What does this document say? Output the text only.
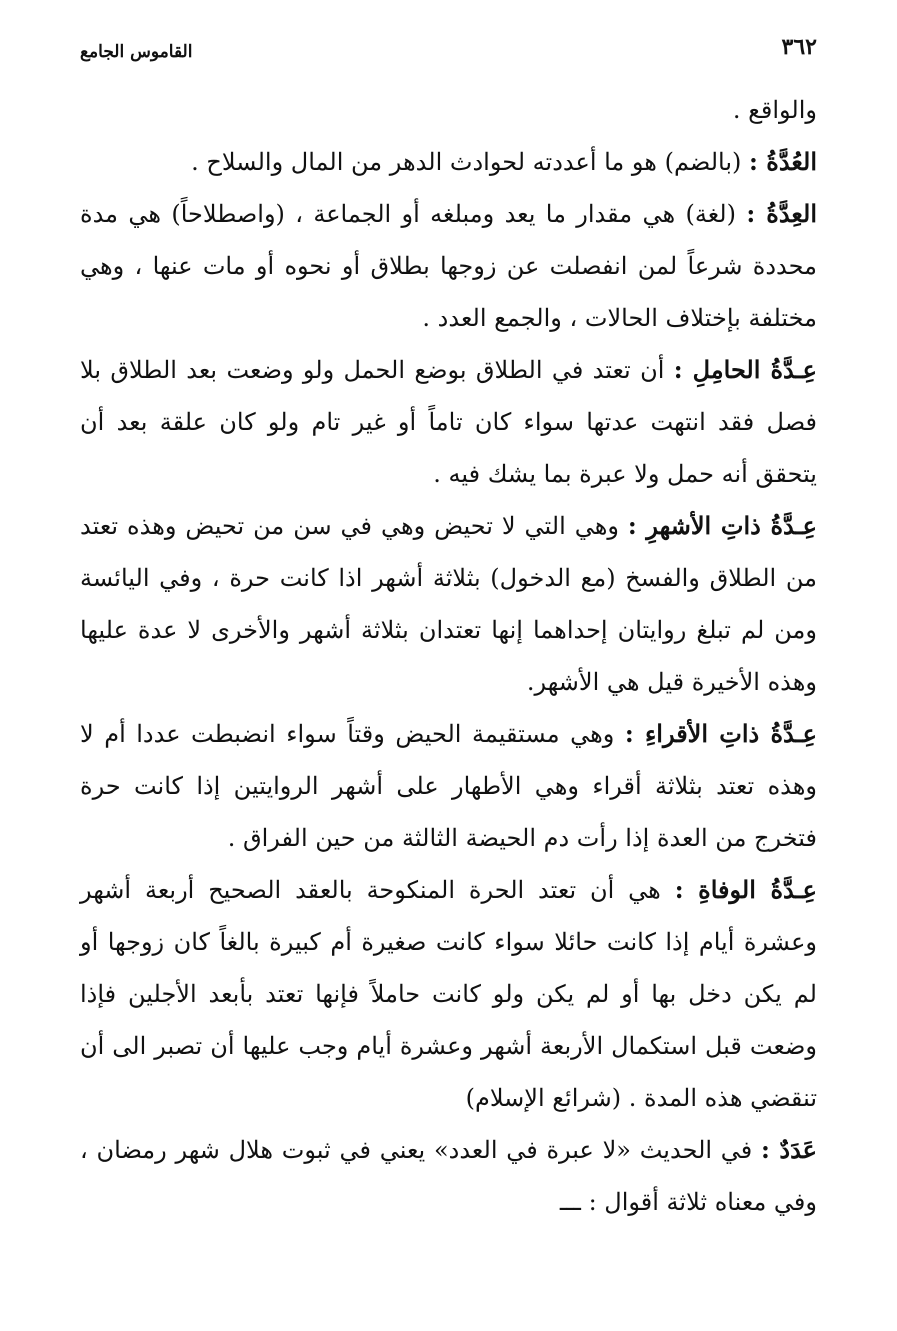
٣٦٢
القاموس الجامع

والواقع .

العُدَّةُ : (بالضم) هو ما أعددته لحوادث الدهر من المال والسلاح .

العِدَّةُ : (لغة) هي مقدار ما يعد ومبلغه أو الجماعة ، (واصطلاحاً) هي مدة محددة شرعاً لمن انفصلت عن زوجها بطلاق أو نحوه أو مات عنها ، وهي مختلفة بإختلاف الحالات ، والجمع العدد .

عِـدَّةُ الحامِلِ : أن تعتد في الطلاق بوضع الحمل ولو وضعت بعد الطلاق بلا فصل فقد انتهت عدتها سواء كان تاماً أو غير تام ولو كان علقة بعد أن يتحقق أنه حمل ولا عبرة بما يشك فيه .

عِـدَّةُ ذاتِ الأشهرِ : وهي التي لا تحيض وهي في سن من تحيض وهذه تعتد من الطلاق والفسخ (مع الدخول) بثلاثة أشهر اذا كانت حرة ، وفي اليائسة ومن لم تبلغ روايتان إحداهما إنها تعتدان بثلاثة أشهر والأخرى لا عدة عليها وهذه الأخيرة قيل هي الأشهر.

عِـدَّةُ ذاتِ الأقراءِ : وهي مستقيمة الحيض وقتاً سواء انضبطت عددا أم لا وهذه تعتد بثلاثة أقراء وهي الأطهار على أشهر الروايتين إذا كانت حرة فتخرج من العدة إذا رأت دم الحيضة الثالثة من حين الفراق .

عِـدَّةُ الوفاةِ : هي أن تعتد الحرة المنكوحة بالعقد الصحيح أربعة أشهر وعشرة أيام إذا كانت حائلا سواء كانت صغيرة أم كبيرة بالغاً كان زوجها أو لم يكن دخل بها أو لم يكن ولو كانت حاملاً فإنها تعتد بأبعد الأجلين فإذا وضعت قبل استكمال الأربعة أشهر وعشرة أيام وجب عليها أن تصبر الى أن تنقضي هذه المدة . (شرائع الإسلام)

عَدَدٌ : في الحديث «لا عبرة في العدد» يعني في ثبوت هلال شهر رمضان ، وفي معناه ثلاثة أقوال : ـــ
